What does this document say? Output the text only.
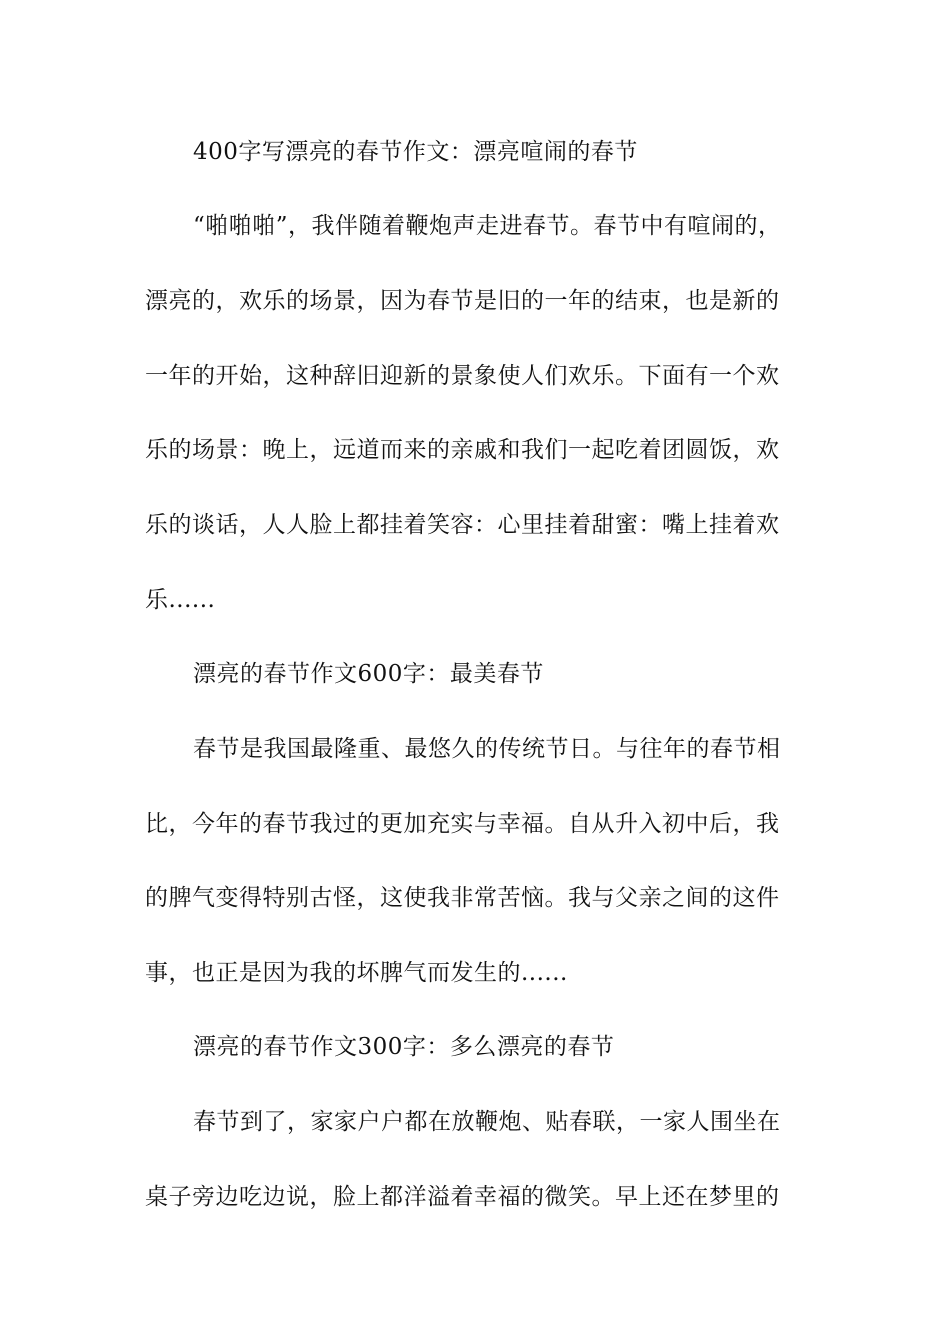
400字写漂亮的春节作文：漂亮喧闹的春节
“啪啪啪”，我伴随着鞭炮声走进春节。春节中有喧闹的，
漂亮的，欢乐的场景，因为春节是旧的一年的结束，也是新的
一年的开始，这种辞旧迎新的景象使人们欢乐。下面有一个欢
乐的场景：晚上，远道而来的亲戚和我们一起吃着团圆饭，欢
乐的谈话，人人脸上都挂着笑容：心里挂着甜蜜：嘴上挂着欢
乐......
漂亮的春节作文600字：最美春节
春节是我国最隆重、最悠久的传统节日。与往年的春节相
比，今年的春节我过的更加充实与幸福。自从升入初中后，我
的脾气变得特别古怪，这使我非常苦恼。我与父亲之间的这件
事，也正是因为我的坏脾气而发生的......
漂亮的春节作文300字：多么漂亮的春节
春节到了，家家户户都在放鞭炮、贴春联，一家人围坐在
桌子旁边吃边说，脸上都洋溢着幸福的微笑。早上还在梦里的
